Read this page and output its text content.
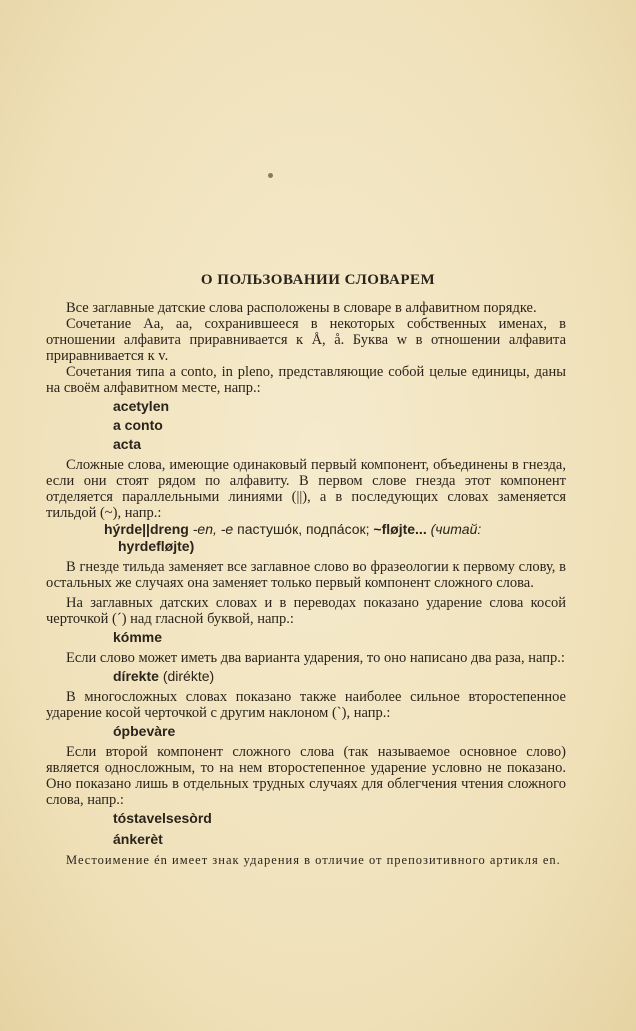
О ПОЛЬЗОВАНИИ СЛОВАРЕМ

Все заглавные датские слова расположены в словаре в алфавитном порядке.

Сочетание Aa, aa, сохранившееся в некоторых собственных именах, в отношении алфавита приравнивается к Å, å. Буква w в отношении алфавита приравнивается к v.

Сочетания типа a conto, in pleno, представляющие собой целые единицы, даны на своём алфавитном месте, напр.:

acetylen
a conto
acta

Сложные слова, имеющие одинаковый первый компонент, объединены в гнезда, если они стоят рядом по алфавиту. В первом слове гнезда этот компонент отделяется параллельными линиями (||), а в последующих словах заменяется тильдой (~), напр.:

hýrde||dreng -en, -e пастушо́к, подпа́сок; ~fløjte... (читай:
hyrdefløjte)

В гнезде тильда заменяет все заглавное слово во фразеологии к первому слову, в остальных же случаях она заменяет только первый компонент сложного слова.

На заглавных датских словах и в переводах показано ударение слова косой черточкой (´) над гласной буквой, напр.:

kómme

Если слово может иметь два варианта ударения, то оно написано два раза, напр.:

dírekte (dirékte)

В многосложных словах показано также наиболее сильное второстепенное ударение косой черточкой с другим наклоном (`), напр.:

ópbevàre

Если второй компонент сложного слова (так называемое основное слово) является односложным, то на нем второстепенное ударение условно не показано. Оно показано лишь в отдельных трудных случаях для облегчения чтения сложного слова, напр.:

tóstavelsesòrd
ánkerèt

Местоимение én имеет знак ударения в отличие от препозитивного артикля en.
